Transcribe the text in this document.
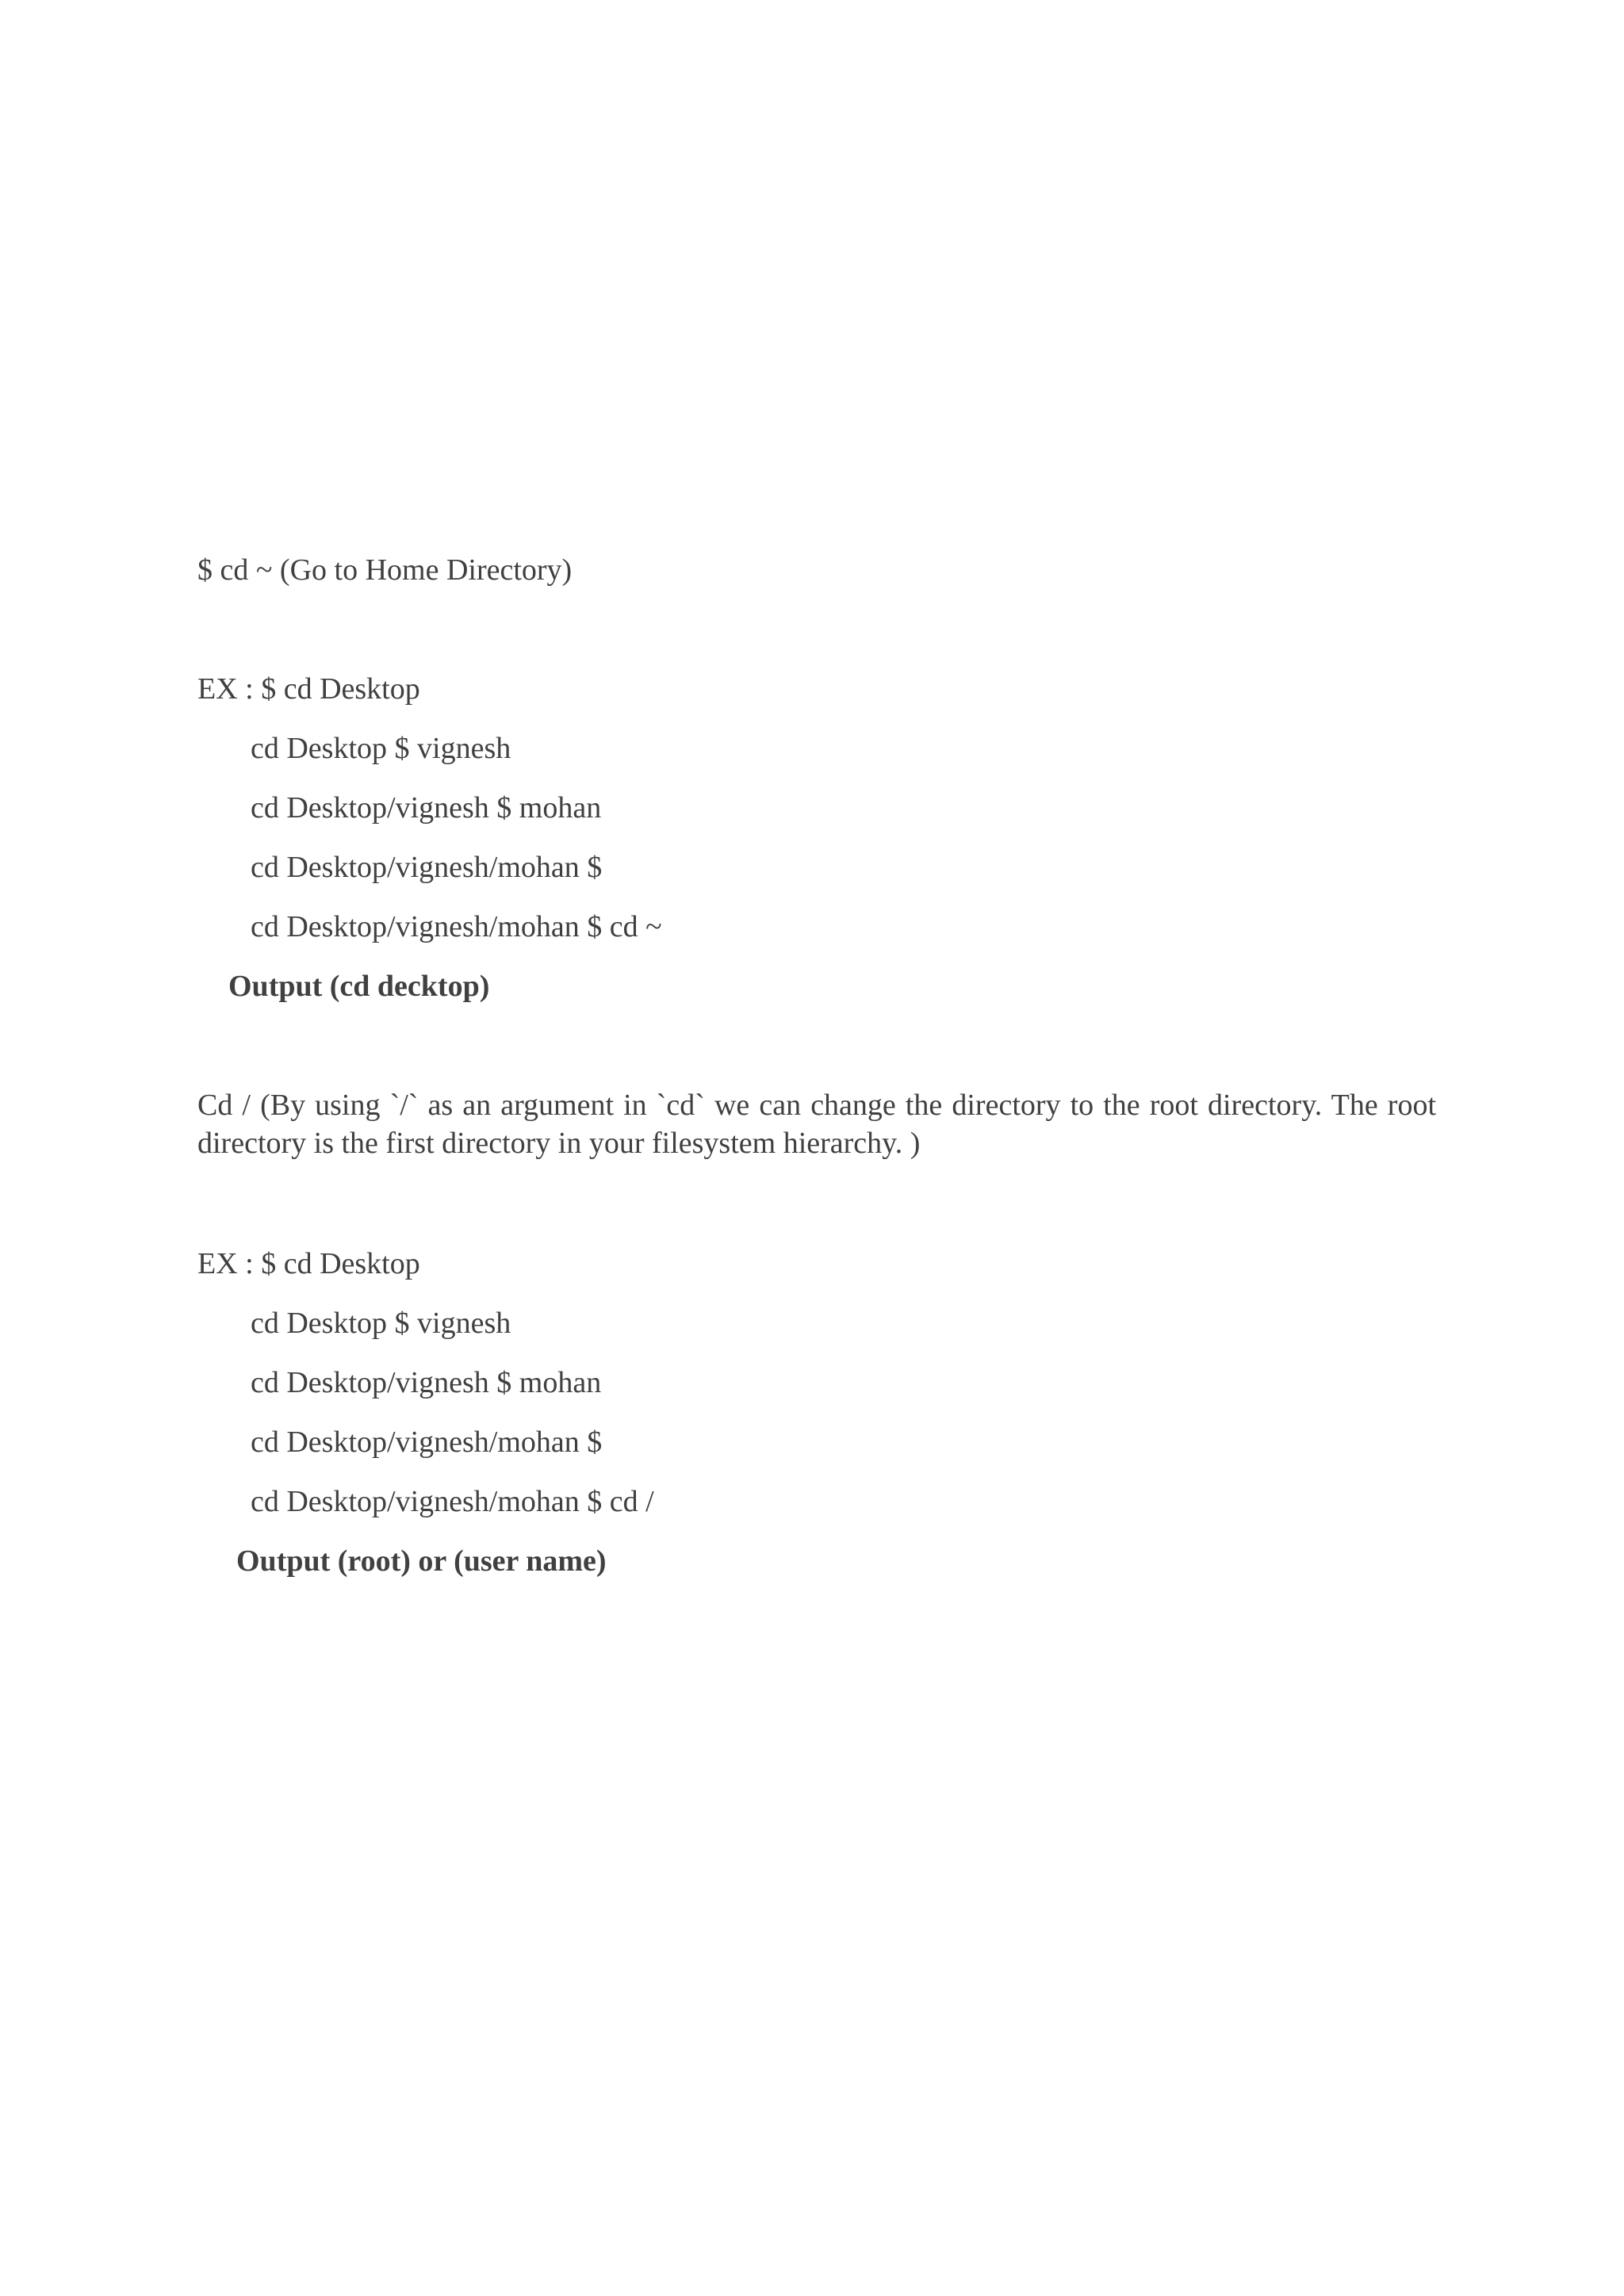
$ cd ~ (Go to Home Directory)
EX : $ cd Desktop
cd Desktop $ vignesh
cd Desktop/vignesh $ mohan
cd Desktop/vignesh/mohan $
cd Desktop/vignesh/mohan $ cd ~
Output (cd decktop)
Cd / (By using `/` as an argument in `cd` we can change the directory to the root directory. The root directory is the first directory in your filesystem hierarchy. )
EX : $ cd Desktop
cd Desktop $ vignesh
cd Desktop/vignesh $ mohan
cd Desktop/vignesh/mohan $
cd Desktop/vignesh/mohan $ cd /
Output (root) or (user name)
